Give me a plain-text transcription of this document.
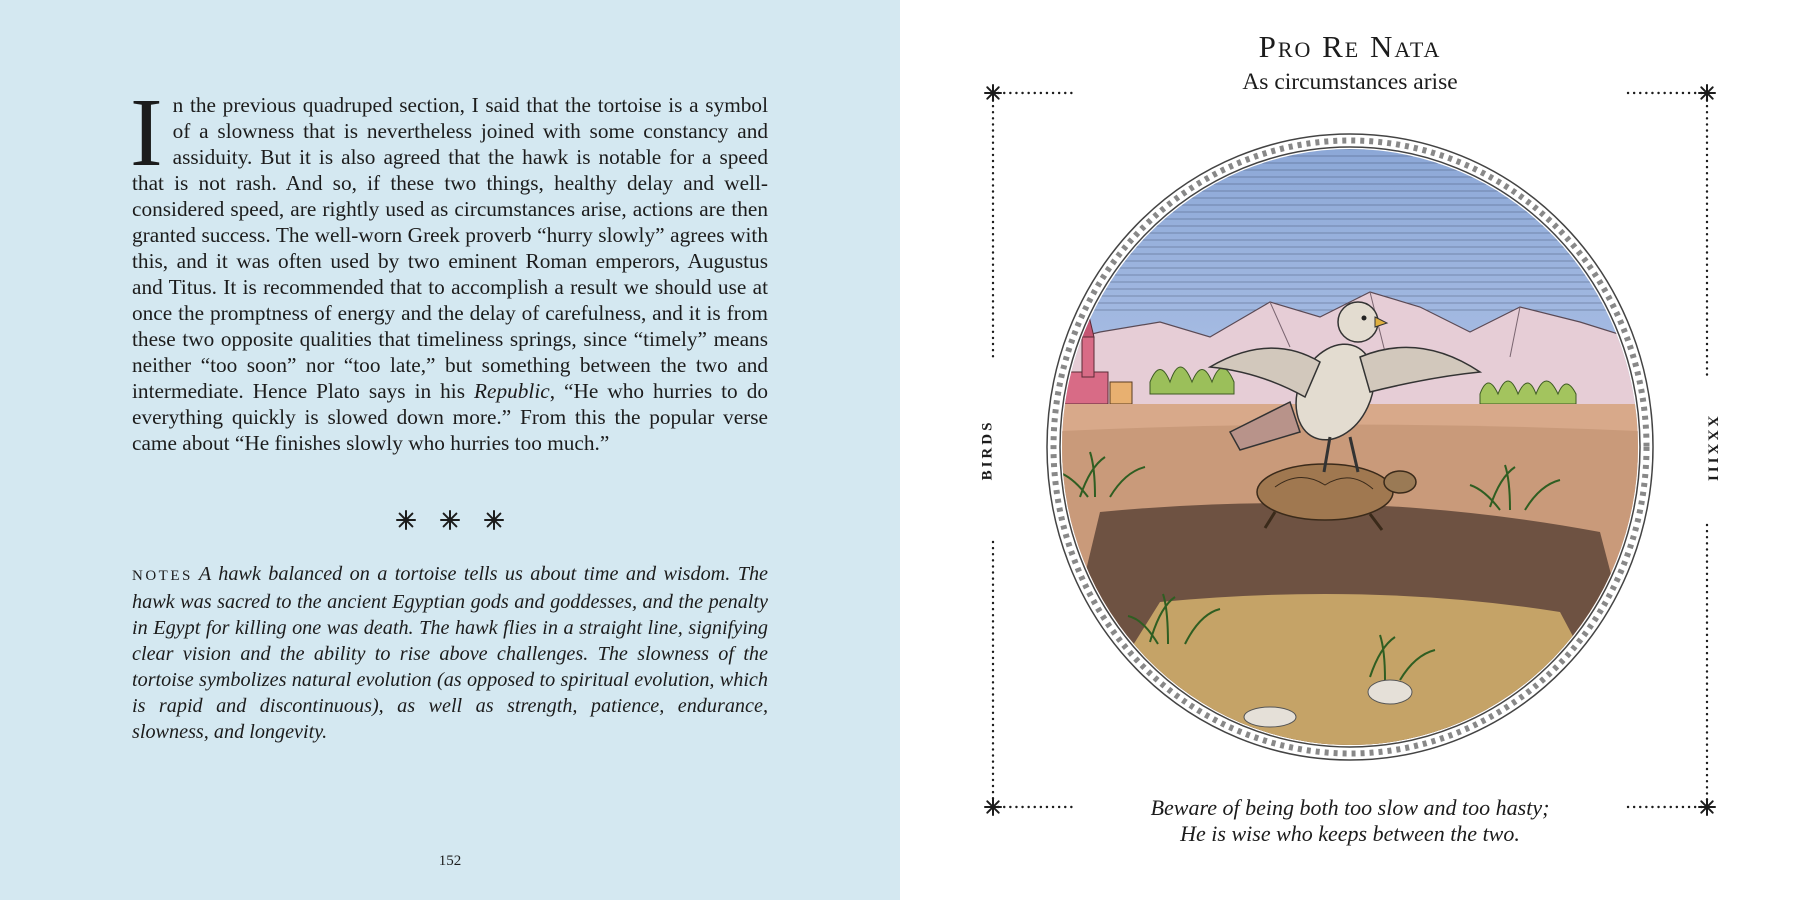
In the previous quadruped section, I said that the tortoise is a symbol of a slowness that is nevertheless joined with some constancy and assiduity. But it is also agreed that the hawk is notable for a speed that is not rash. And so, if these two things, healthy delay and well-considered speed, are rightly used as circumstances arise, actions are then granted success. The well-worn Greek proverb “hurry slowly” agrees with this, and it was often used by two eminent Roman emperors, Augustus and Titus. It is recommended that to accomplish a result we should use at once the promptness of energy and the delay of carefulness, and it is from these two opposite qualities that timeliness springs, since “timely” means neither “too soon” nor “too late,” but something between the two and intermediate. Hence Plato says in his Republic, “He who hurries to do everything quickly is slowed down more.” From this the popular verse came about “He finishes slowly who hurries too much.”

NOTES A hawk balanced on a tortoise tells us about time and wisdom. The hawk was sacred to the ancient Egyptian gods and goddesses, and the penalty in Egypt for killing one was death. The hawk flies in a straight line, signifying clear vision and the ability to rise above challenges. The slowness of the tortoise symbolizes natural evolution (as opposed to spiritual evolution, which is rapid and discontinuous), as well as strength, patience, endurance, slowness, and longevity.

152
Pro Re Nata
As circumstances arise
BIRDS	XXXIII
Beware of being both too slow and too hasty;
He is wise who keeps between the two.
